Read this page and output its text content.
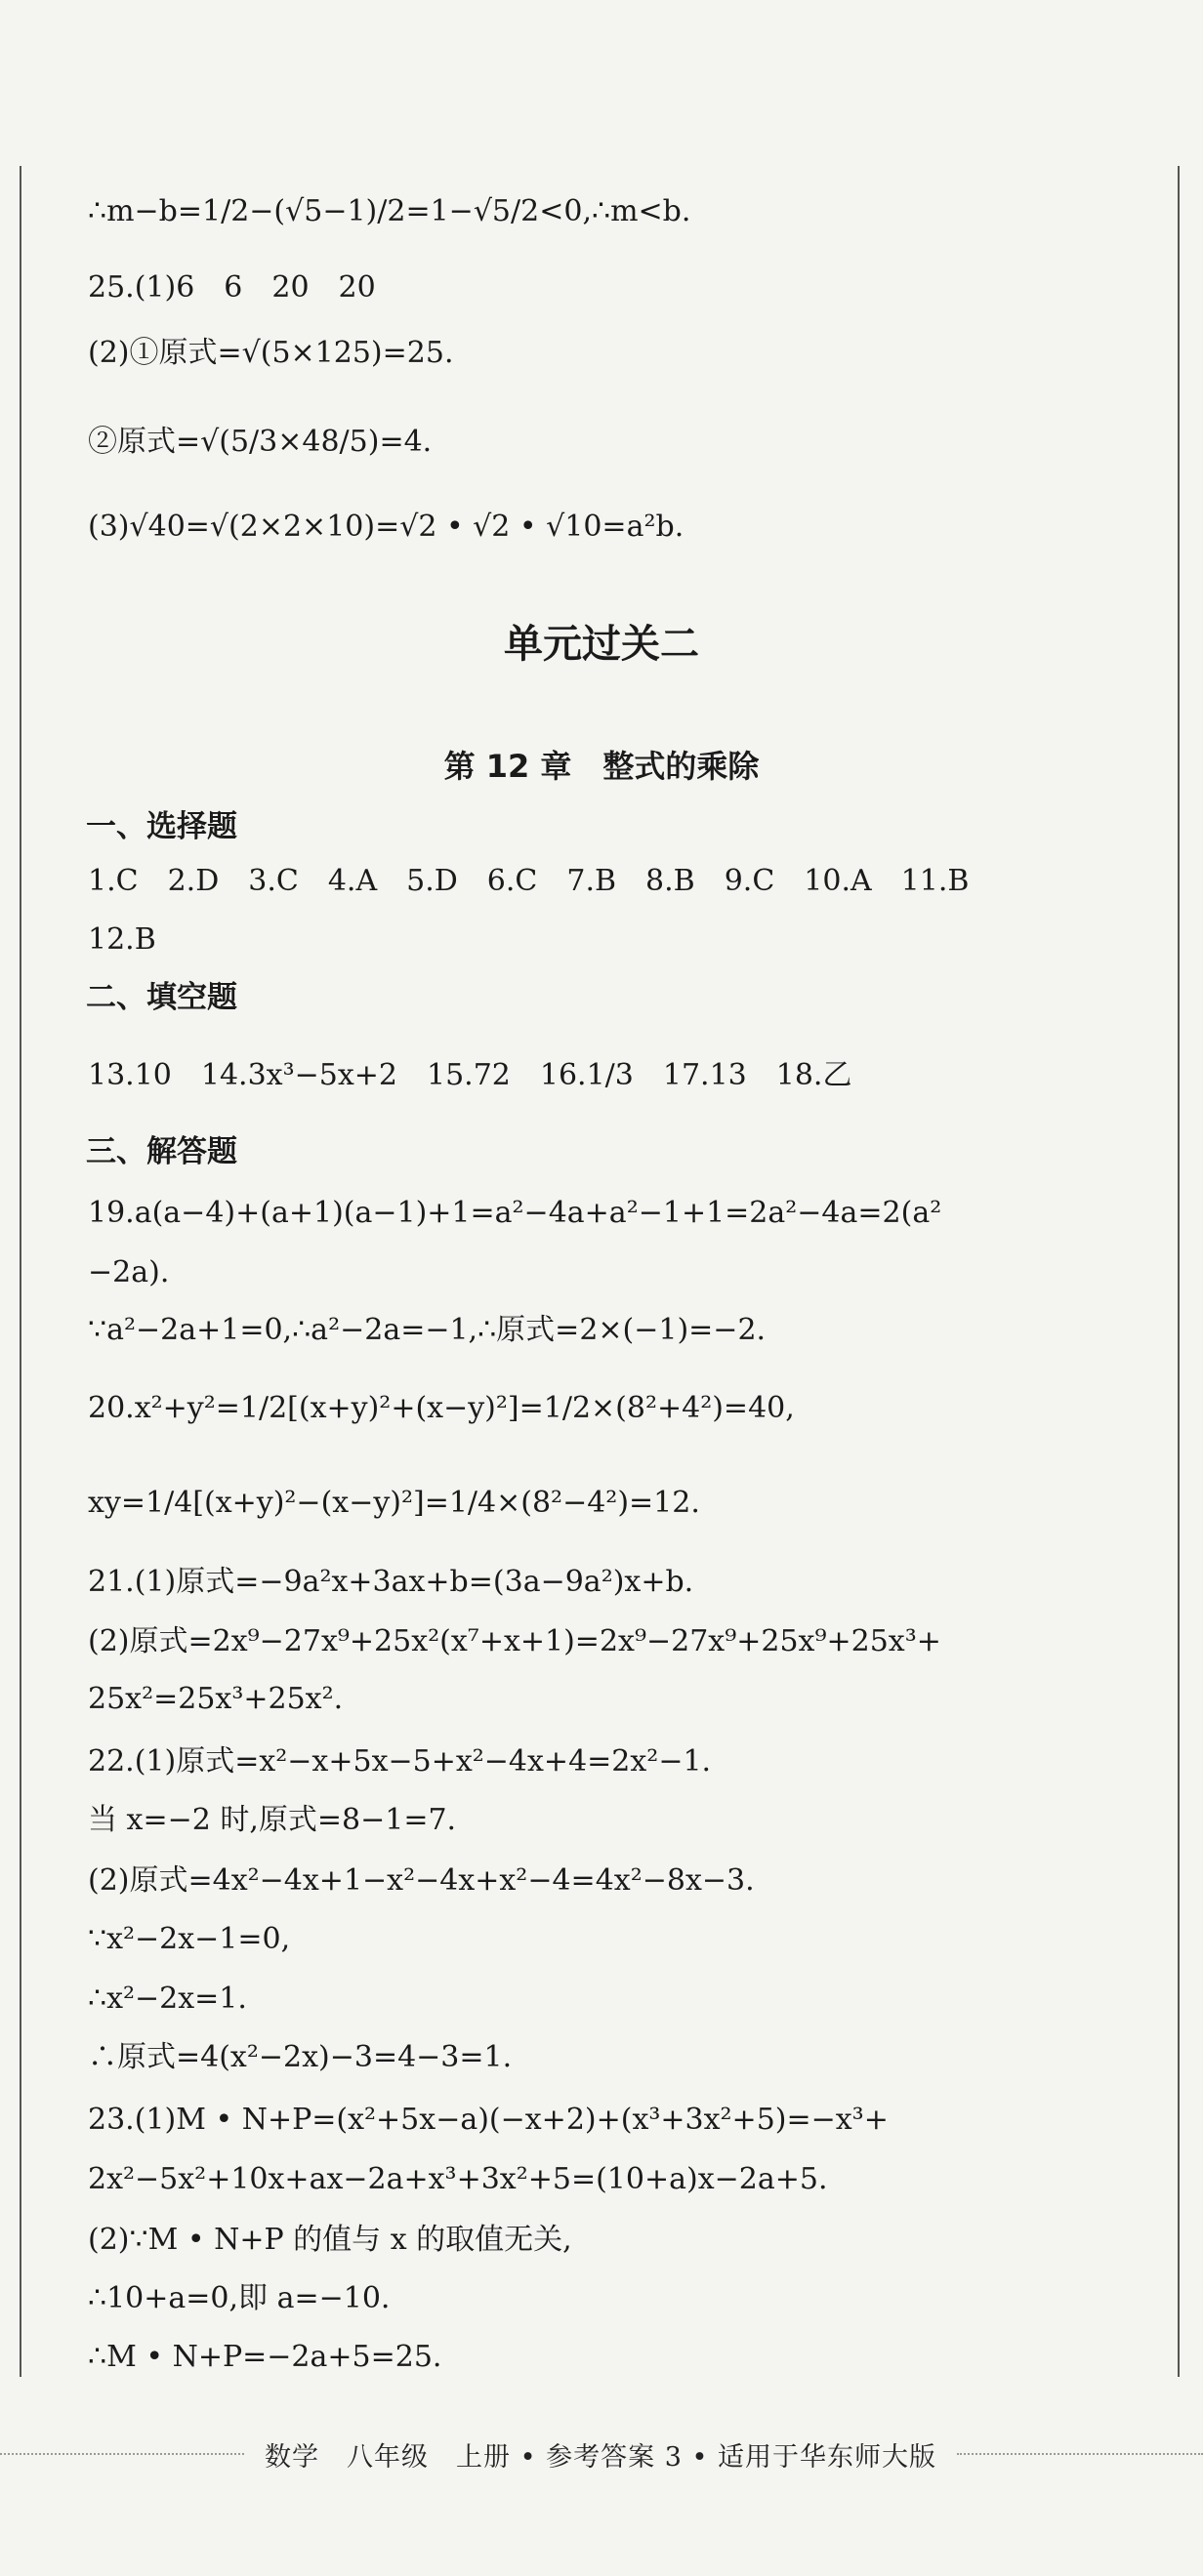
∴m−b=1/2−(√5−1)/2=1−√5/2<0,∴m<b.
25.(1)6　6　20　20
(2)①原式=√(5×125)=25.
②原式=√(5/3×48/5)=4.
(3)√40=√(2×2×10)=√2 • √2 • √10=a²b.
单元过关二
第 12 章　整式的乘除
一、选择题
1.C　2.D　3.C　4.A　5.D　6.C　7.B　8.B　9.C　10.A　11.B
12.B
二、填空题
13.10　14.3x³−5x+2　15.72　16.1/3　17.13　18.乙
三、解答题
19.a(a−4)+(a+1)(a−1)+1=a²−4a+a²−1+1=2a²−4a=2(a²
−2a).
∵a²−2a+1=0,∴a²−2a=−1,∴原式=2×(−1)=−2.
20.x²+y²=1/2[(x+y)²+(x−y)²]=1/2×(8²+4²)=40,
xy=1/4[(x+y)²−(x−y)²]=1/4×(8²−4²)=12.
21.(1)原式=−9a²x+3ax+b=(3a−9a²)x+b.
(2)原式=2x⁹−27x⁹+25x²(x⁷+x+1)=2x⁹−27x⁹+25x⁹+25x³+
25x²=25x³+25x².
22.(1)原式=x²−x+5x−5+x²−4x+4=2x²−1.
当 x=−2 时,原式=8−1=7.
(2)原式=4x²−4x+1−x²−4x+x²−4=4x²−8x−3.
∵x²−2x−1=0,
∴x²−2x=1.
∴原式=4(x²−2x)−3=4−3=1.
23.(1)M • N+P=(x²+5x−a)(−x+2)+(x³+3x²+5)=−x³+
2x²−5x²+10x+ax−2a+x³+3x²+5=(10+a)x−2a+5.
(2)∵M • N+P 的值与 x 的取值无关,
∴10+a=0,即 a=−10.
∴M • N+P=−2a+5=25.
数学　八年级　上册 • 参考答案 3 • 适用于华东师大版
